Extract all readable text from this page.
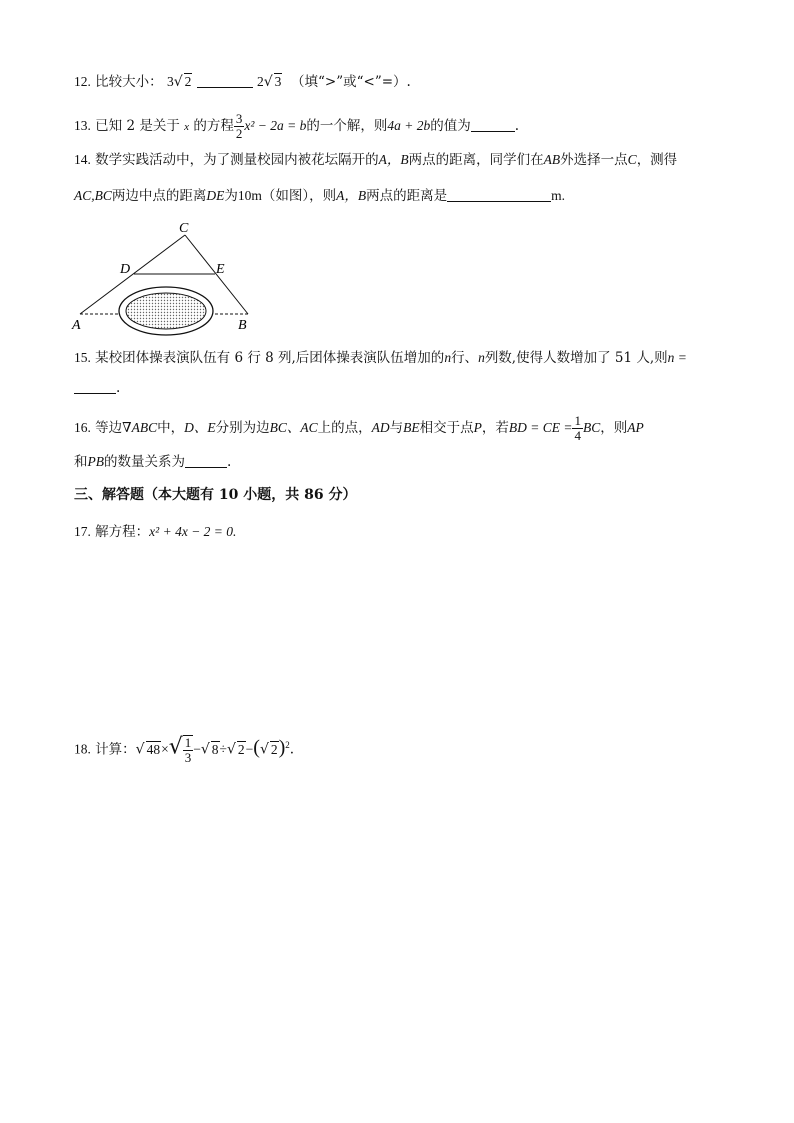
12. 比较大小： 3√ 2	2√ 3 （填“>”或“<”=）.
13. 已知 2 是关于 x 的方程 $\frac{3}{2} x^2 - 2a = b$的一个解，则4a + 2b的值为	.
14. 数学实践活动中，为了测量校园内被花坛隔开的A，B两点的距离，同学们在AB外选择一点C，测得
AC,BC两边中点的距离DE为10m（如图），则A，B两点的距离是	m.
C
D	E
A	B
15. 某校团体操表演队伍有 6 行 8 列,后团体操表演队伍增加的n行、n列数,使得人数增加了 51 人,则n =
.
16. 等边∇ABC中，D、E分别为边BC、AC上的点，AD与BE相交于点P，若BD = CE = $\frac{1}{4}$ BC，则AP
和PB的数量关系为	.
三、解答题（本大题有 10 小题，共 86 分）
17. 解方程：x² + 4x − 2 = 0.
18. 计算：√ $48\times√ \frac{1}{3}$ −√ 8÷√ 2−(√ 2)$^2$.
